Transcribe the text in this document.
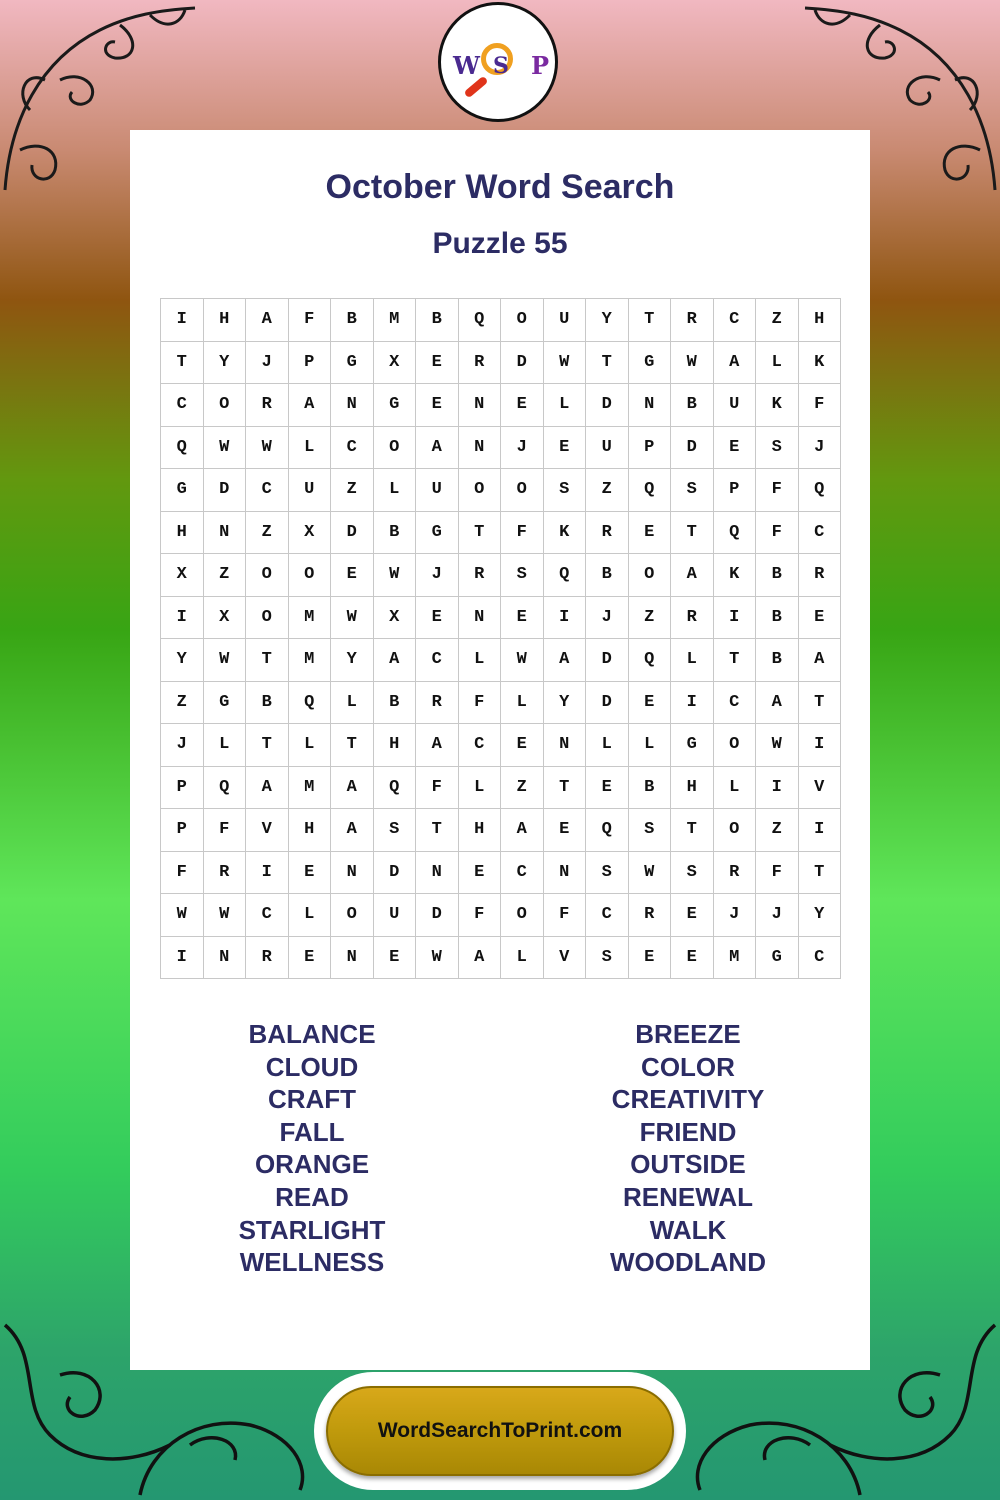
W S P
October Word Search
Puzzle 55
I	H	A	F	B	M	B	Q	O	U	Y	T	R	C	Z	H
T	Y	J	P	G	X	E	R	D	W	T	G	W	A	L	K
C	O	R	A	N	G	E	N	E	L	D	N	B	U	K	F
Q	W	W	L	C	O	A	N	J	E	U	P	D	E	S	J
G	D	C	U	Z	L	U	O	O	S	Z	Q	S	P	F	Q
H	N	Z	X	D	B	G	T	F	K	R	E	T	Q	F	C
X	Z	O	O	E	W	J	R	S	Q	B	O	A	K	B	R
I	X	O	M	W	X	E	N	E	I	J	Z	R	I	B	E
Y	W	T	M	Y	A	C	L	W	A	D	Q	L	T	B	A
Z	G	B	Q	L	B	R	F	L	Y	D	E	I	C	A	T
J	L	T	L	T	H	A	C	E	N	L	L	G	O	W	I
P	Q	A	M	A	Q	F	L	Z	T	E	B	H	L	I	V
P	F	V	H	A	S	T	H	A	E	Q	S	T	O	Z	I
F	R	I	E	N	D	N	E	C	N	S	W	S	R	F	T
W	W	C	L	O	U	D	F	O	F	C	R	E	J	J	Y
I	N	R	E	N	E	W	A	L	V	S	E	E	M	G	C
BALANCE
CLOUD
CRAFT
FALL
ORANGE
READ
STARLIGHT
WELLNESS
BREEZE
COLOR
CREATIVITY
FRIEND
OUTSIDE
RENEWAL
WALK
WOODLAND
WordSearchToPrint.com
